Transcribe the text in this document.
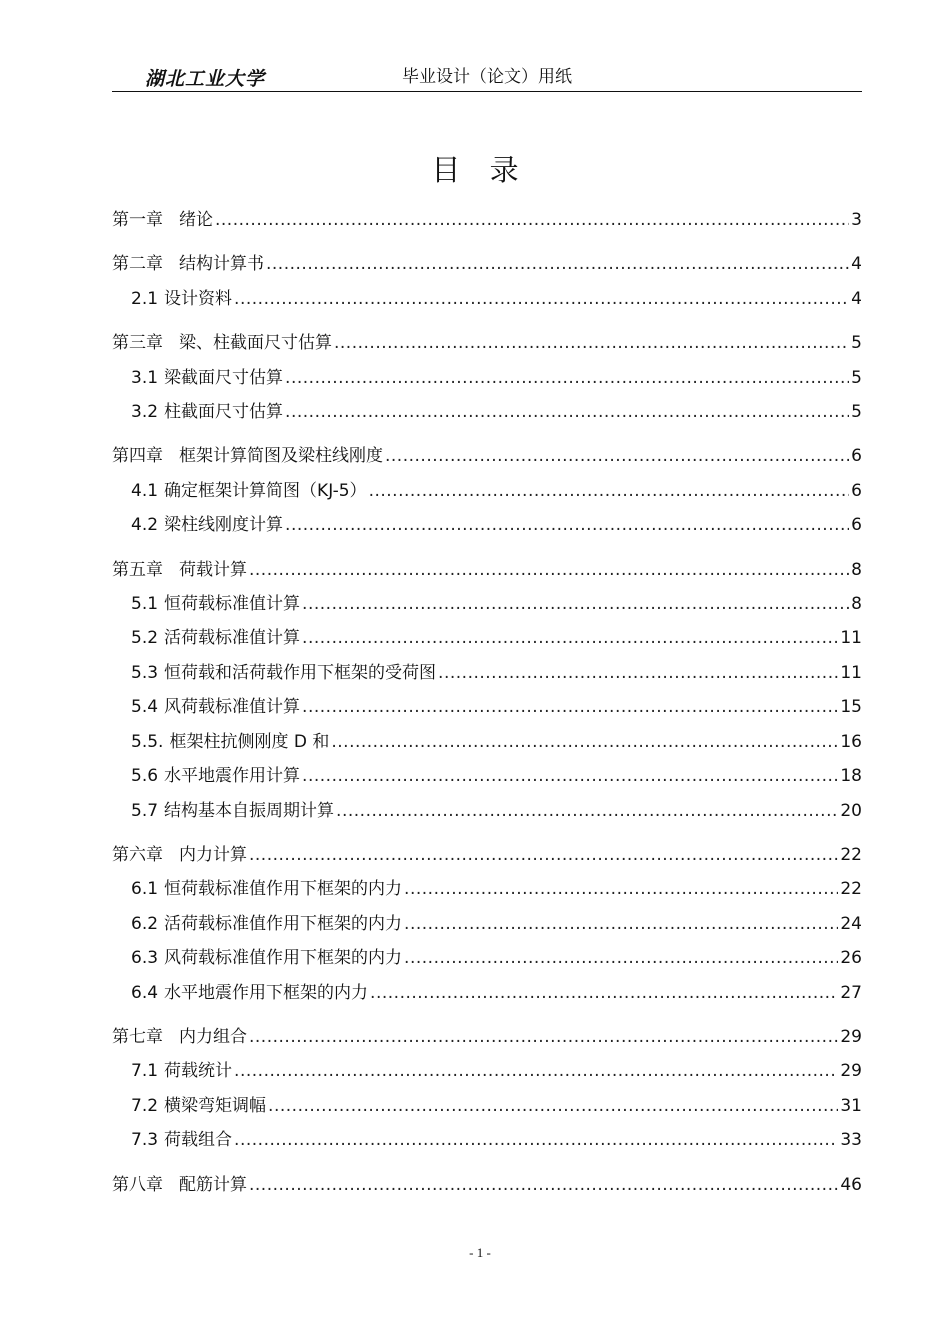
湖北工业大学	毕业设计（论文）用纸
目 录
第一章 绪论 .....	3
第二章 结构计算书 .....	4
2.1 设计资料 .....	4
第三章 梁、柱截面尺寸估算 .....	5
3.1 梁截面尺寸估算 .....	5
3.2 柱截面尺寸估算 .....	5
第四章 框架计算简图及梁柱线刚度 .....	6
4.1 确定框架计算简图（KJ-5） .....	6
4.2 梁柱线刚度计算 .....	6
第五章 荷载计算 .....	8
5.1 恒荷载标准值计算 .....	8
5.2 活荷载标准值计算 .....	11
5.3 恒荷载和活荷载作用下框架的受荷图 .....	11
5.4 风荷载标准值计算 .....	15
5.5. 框架柱抗侧刚度 D 和 .....	16
5.6 水平地震作用计算 .....	18
5.7 结构基本自振周期计算 .....	20
第六章 内力计算 .....	22
6.1 恒荷载标准值作用下框架的内力 .....	22
6.2 活荷载标准值作用下框架的内力 .....	24
6.3 风荷载标准值作用下框架的内力 .....	26
6.4 水平地震作用下框架的内力 .....	27
第七章 内力组合 .....	29
7.1 荷载统计 .....	29
7.2 横梁弯矩调幅 .....	31
7.3 荷载组合 .....	33
第八章 配筋计算 .....	46
- 1 -
